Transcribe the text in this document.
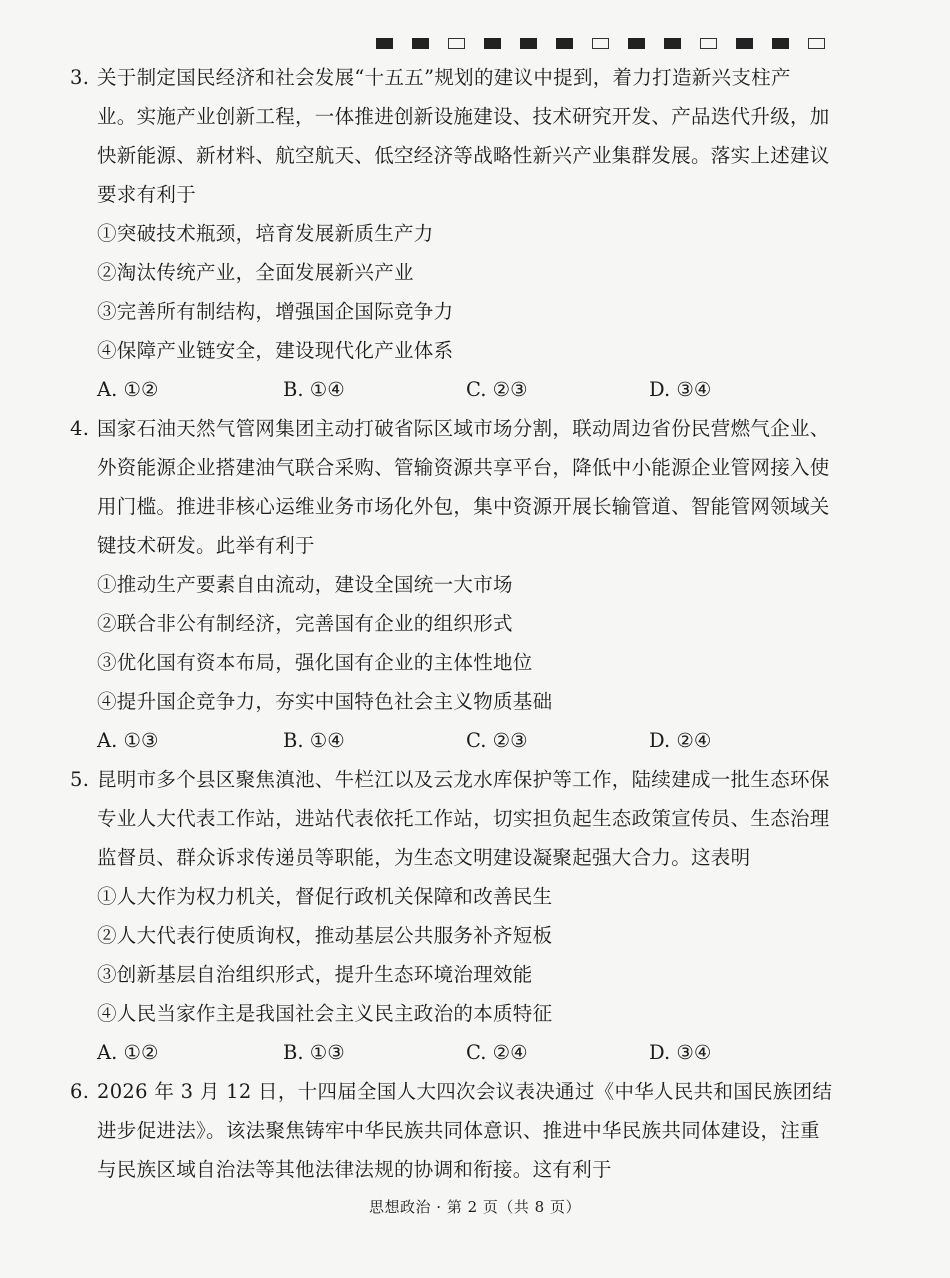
3. 关于制定国民经济和社会发展“十五五”规划的建议中提到，着力打造新兴支柱产
业。实施产业创新工程，一体推进创新设施建设、技术研究开发、产品迭代升级，加
快新能源、新材料、航空航天、低空经济等战略性新兴产业集群发展。落实上述建议
要求有利于
①突破技术瓶颈，培育发展新质生产力
②淘汰传统产业，全面发展新兴产业
③完善所有制结构，增强国企国际竞争力
④保障产业链安全，建设现代化产业体系
A. ①②	B. ①④	C. ②③	D. ③④
4. 国家石油天然气管网集团主动打破省际区域市场分割，联动周边省份民营燃气企业、
外资能源企业搭建油气联合采购、管输资源共享平台，降低中小能源企业管网接入使
用门槛。推进非核心运维业务市场化外包，集中资源开展长输管道、智能管网领域关
键技术研发。此举有利于
①推动生产要素自由流动，建设全国统一大市场
②联合非公有制经济，完善国有企业的组织形式
③优化国有资本布局，强化国有企业的主体性地位
④提升国企竞争力，夯实中国特色社会主义物质基础
A. ①③	B. ①④	C. ②③	D. ②④
5. 昆明市多个县区聚焦滇池、牛栏江以及云龙水库保护等工作，陆续建成一批生态环保
专业人大代表工作站，进站代表依托工作站，切实担负起生态政策宣传员、生态治理
监督员、群众诉求传递员等职能，为生态文明建设凝聚起强大合力。这表明
①人大作为权力机关，督促行政机关保障和改善民生
②人大代表行使质询权，推动基层公共服务补齐短板
③创新基层自治组织形式，提升生态环境治理效能
④人民当家作主是我国社会主义民主政治的本质特征
A. ①②	B. ①③	C. ②④	D. ③④
6. 2026 年 3 月 12 日，十四届全国人大四次会议表决通过《中华人民共和国民族团结
进步促进法》。该法聚焦铸牢中华民族共同体意识、推进中华民族共同体建设，注重
与民族区域自治法等其他法律法规的协调和衔接。这有利于
思想政治 · 第 2 页（共 8 页）
